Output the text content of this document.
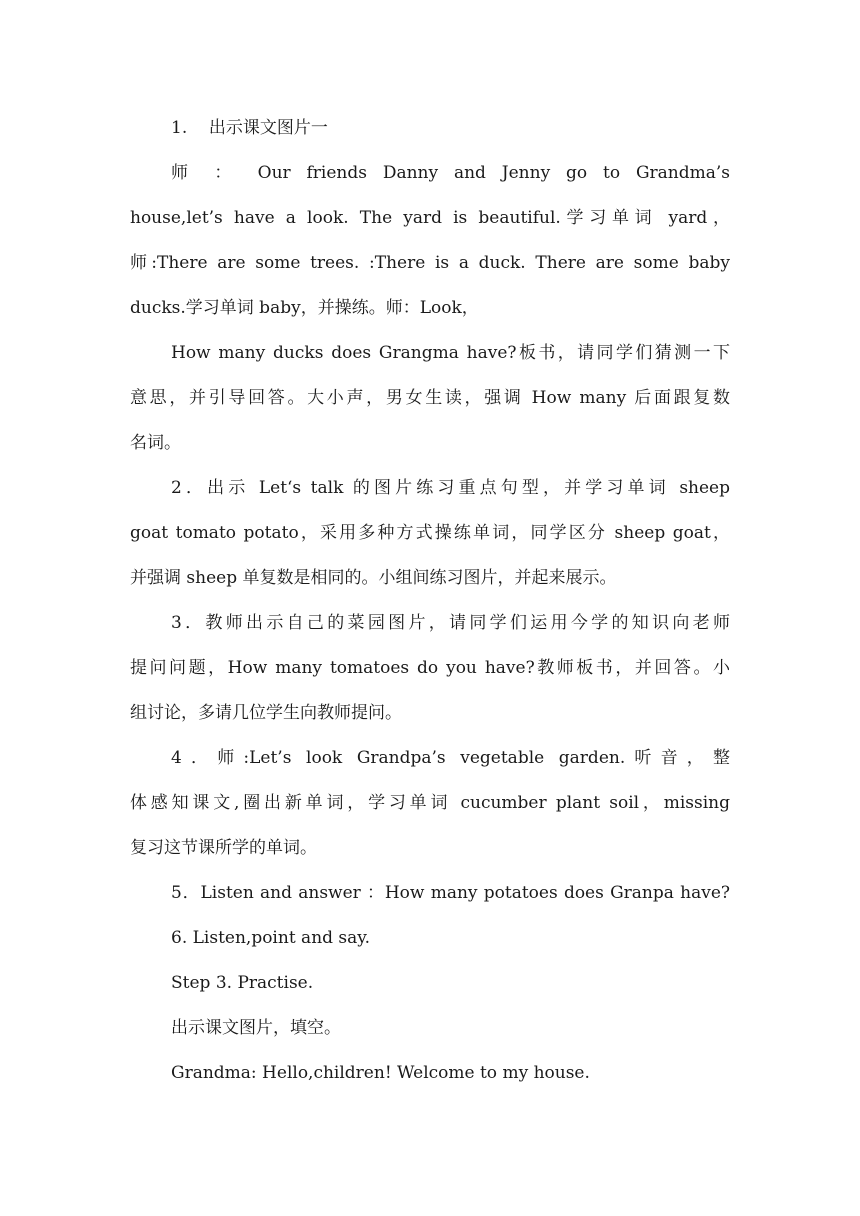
1.    出示课文图片一
师 ： Our friends Danny and Jenny go to Grandma’s
house,let’s have a look. The yard is beautiful.学习单词 yard，
师:There are some trees. :There is a duck. There are some baby
ducks.学习单词 baby，并操练。师：Look，
How many ducks does Grangma have?板书，请同学们猜测一下
意思，并引导回答。大小声，男女生读，强调 How many 后面跟复数
名词。
2．出示 Let‘s talk 的图片练习重点句型，并学习单词 sheep
goat tomato potato，采用多种方式操练单词，同学区分 sheep goat，
并强调 sheep 单复数是相同的。小组间练习图片，并起来展示。
3．教师出示自己的菜园图片，请同学们运用今学的知识向老师
提问问题，How many tomatoes do you have?教师板书，并回答。小
组讨论，多请几位学生向教师提问。
4．师:Let’s look Grandpa’s vegetable garden.听音，整
体感知课文,圈出新单词，学习单词 cucumber plant soil，missing
复习这节课所学的单词。
5．Listen and answer ：How many potatoes does Granpa have?
6. Listen,point and say.
Step 3. Practise.
出示课文图片，填空。
Grandma: Hello,children! Welcome to my house.
